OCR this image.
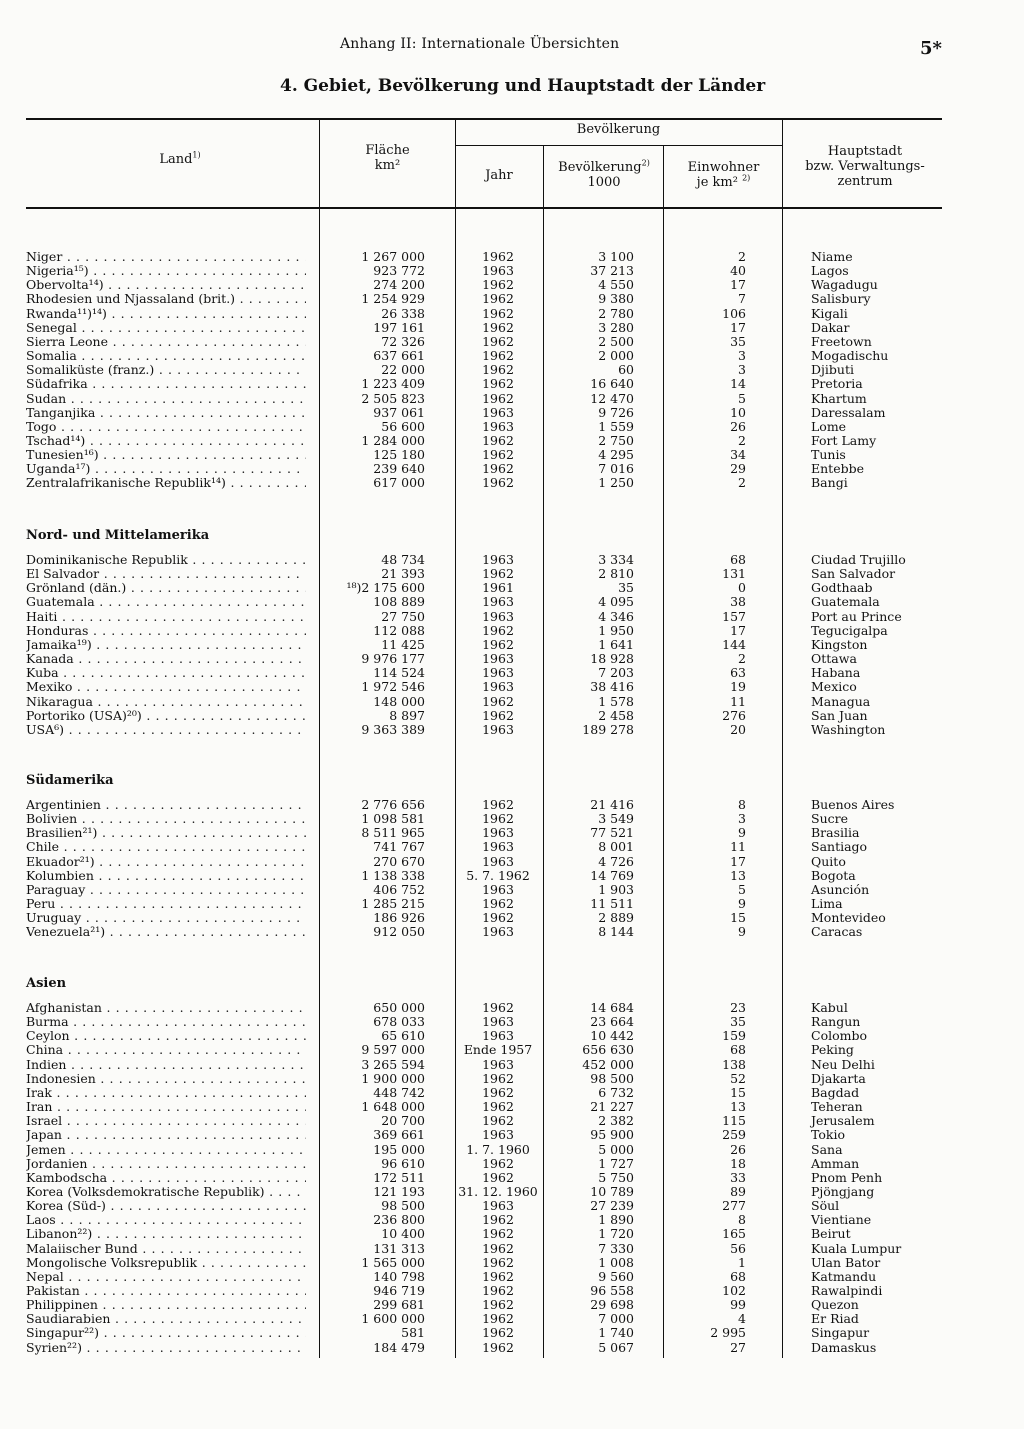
Anhang II: Internationale Übersichten	5*
4. Gebiet, Bevölkerung und Hauptstadt der Länder
Land$^{1)}$	Fläche
km²
Bevölkerung
Jahr
Bevölkerung$^{2)}$
1000
Einwohner
je km² $^{2)}$
Hauptstadt
bzw. Verwaltungs-
zentrum
Niger . . .	1 267 000	1962	3 100	2	Niame
Nigeria¹⁵) . . .	923 772	1963	37 213	40	Lagos
Obervolta¹⁴) . . .	274 200	1962	4 550	17	Wagadugu
Rhodesien und Njassaland (brit.) . . .	1 254 929	1962	9 380	7	Salisbury
Rwanda¹¹)¹⁴) . . .	26 338	1962	2 780	106	Kigali
Senegal . . .	197 161	1962	3 280	17	Dakar
Sierra Leone . . .	72 326	1962	2 500	35	Freetown
Somalia . . .	637 661	1962	2 000	3	Mogadischu
Somaliküste (franz.) . . .	22 000	1962	60	3	Djibuti
Südafrika . . .	1 223 409	1962	16 640	14	Pretoria
Sudan . . .	2 505 823	1962	12 470	5	Khartum
Tanganjika . . .	937 061	1963	9 726	10	Daressalam
Togo . . .	56 600	1963	1 559	26	Lome
Tschad¹⁴) . . .	1 284 000	1962	2 750	2	Fort Lamy
Tunesien¹⁶) . . .	125 180	1962	4 295	34	Tunis
Uganda¹⁷) . . .	239 640	1962	7 016	29	Entebbe
Zentralafrikanische Republik¹⁴) . . .	617 000	1962	1 250	2	Bangi
Nord- und Mittelamerika
Dominikanische Republik . . .	48 734	1963	3 334	68	Ciudad Trujillo
El Salvador . . .	21 393	1962	2 810	131	San Salvador
Grönland (dän.) . . .	¹⁸)2 175 600	1961	35	0	Godthaab
Guatemala . . .	108 889	1963	4 095	38	Guatemala
Haiti . . .	27 750	1963	4 346	157	Port au Prince
Honduras . . .	112 088	1962	1 950	17	Tegucigalpa
Jamaika¹⁹) . . .	11 425	1962	1 641	144	Kingston
Kanada . . .	9 976 177	1963	18 928	2	Ottawa
Kuba . . .	114 524	1963	7 203	63	Habana
Mexiko . . .	1 972 546	1963	38 416	19	Mexico
Nikaragua . . .	148 000	1962	1 578	11	Managua
Portoriko (USA)²⁰) . . .	8 897	1962	2 458	276	San Juan
USA⁶) . . .	9 363 389	1963	189 278	20	Washington
Südamerika
Argentinien . . .	2 776 656	1962	21 416	8	Buenos Aires
Bolivien . . .	1 098 581	1962	3 549	3	Sucre
Brasilien²¹) . . .	8 511 965	1963	77 521	9	Brasilia
Chile . . .	741 767	1963	8 001	11	Santiago
Ekuador²¹) . . .	270 670	1963	4 726	17	Quito
Kolumbien . . .	1 138 338	5. 7. 1962	14 769	13	Bogota
Paraguay . . .	406 752	1963	1 903	5	Asunción
Peru . . .	1 285 215	1962	11 511	9	Lima
Uruguay . . .	186 926	1962	2 889	15	Montevideo
Venezuela²¹) . . .	912 050	1963	8 144	9	Caracas
Asien
Afghanistan . . .	650 000	1962	14 684	23	Kabul
Burma . . .	678 033	1963	23 664	35	Rangun
Ceylon . . .	65 610	1963	10 442	159	Colombo
China . . .	9 597 000	Ende 1957	656 630	68	Peking
Indien . . .	3 265 594	1963	452 000	138	Neu Delhi
Indonesien . . .	1 900 000	1962	98 500	52	Djakarta
Irak . . .	448 742	1962	6 732	15	Bagdad
Iran . . .	1 648 000	1962	21 227	13	Teheran
Israel . . .	20 700	1962	2 382	115	Jerusalem
Japan . . .	369 661	1963	95 900	259	Tokio
Jemen . . .	195 000	1. 7. 1960	5 000	26	Sana
Jordanien . . .	96 610	1962	1 727	18	Amman
Kambodscha . . .	172 511	1962	5 750	33	Pnom Penh
Korea (Volksdemokratische Republik) . . .	121 193	31. 12. 1960	10 789	89	Pjöngjang
Korea (Süd-) . . .	98 500	1963	27 239	277	Söul
Laos . . .	236 800	1962	1 890	8	Vientiane
Libanon²²) . . .	10 400	1962	1 720	165	Beirut
Malaiischer Bund . . .	131 313	1962	7 330	56	Kuala Lumpur
Mongolische Volksrepublik . . .	1 565 000	1962	1 008	1	Ulan Bator
Nepal . . .	140 798	1962	9 560	68	Katmandu
Pakistan . . .	946 719	1962	96 558	102	Rawalpindi
Philippinen . . .	299 681	1962	29 698	99	Quezon
Saudiarabien . . .	1 600 000	1962	7 000	4	Er Riad
Singapur²²) . . .	581	1962	1 740	2 995	Singapur
Syrien²²) . . .	184 479	1962	5 067	27	Damaskus
